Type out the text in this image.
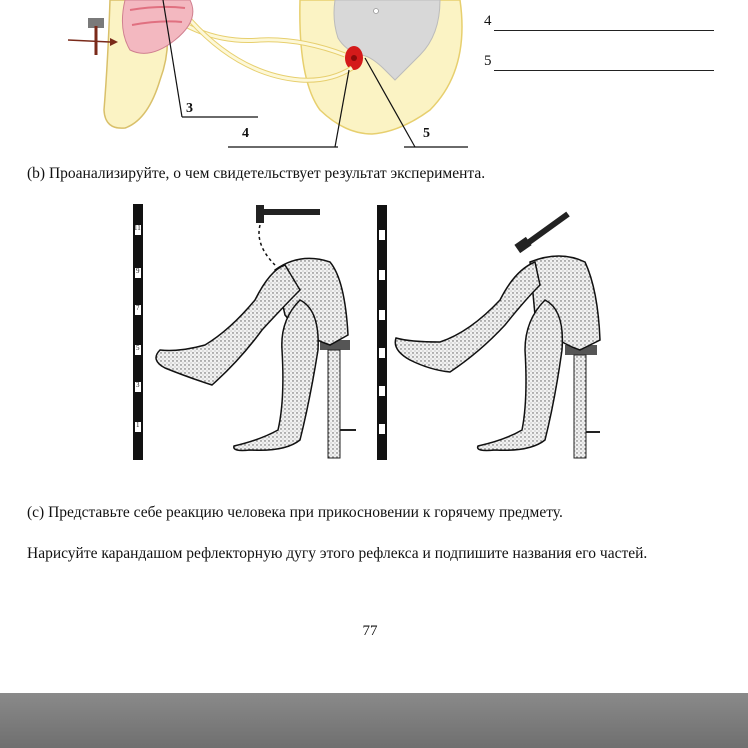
3
4	5
4
5
(b) Проанализируйте, о чем свидетельствует результат эксперимента.
11
9
7
5
3
1
(c) Представьте себе реакцию человека при прикосновении к горячему предмету.
Нарисуйте карандашом рефлекторную дугу этого рефлекса и подпишите названия его частей.
77
